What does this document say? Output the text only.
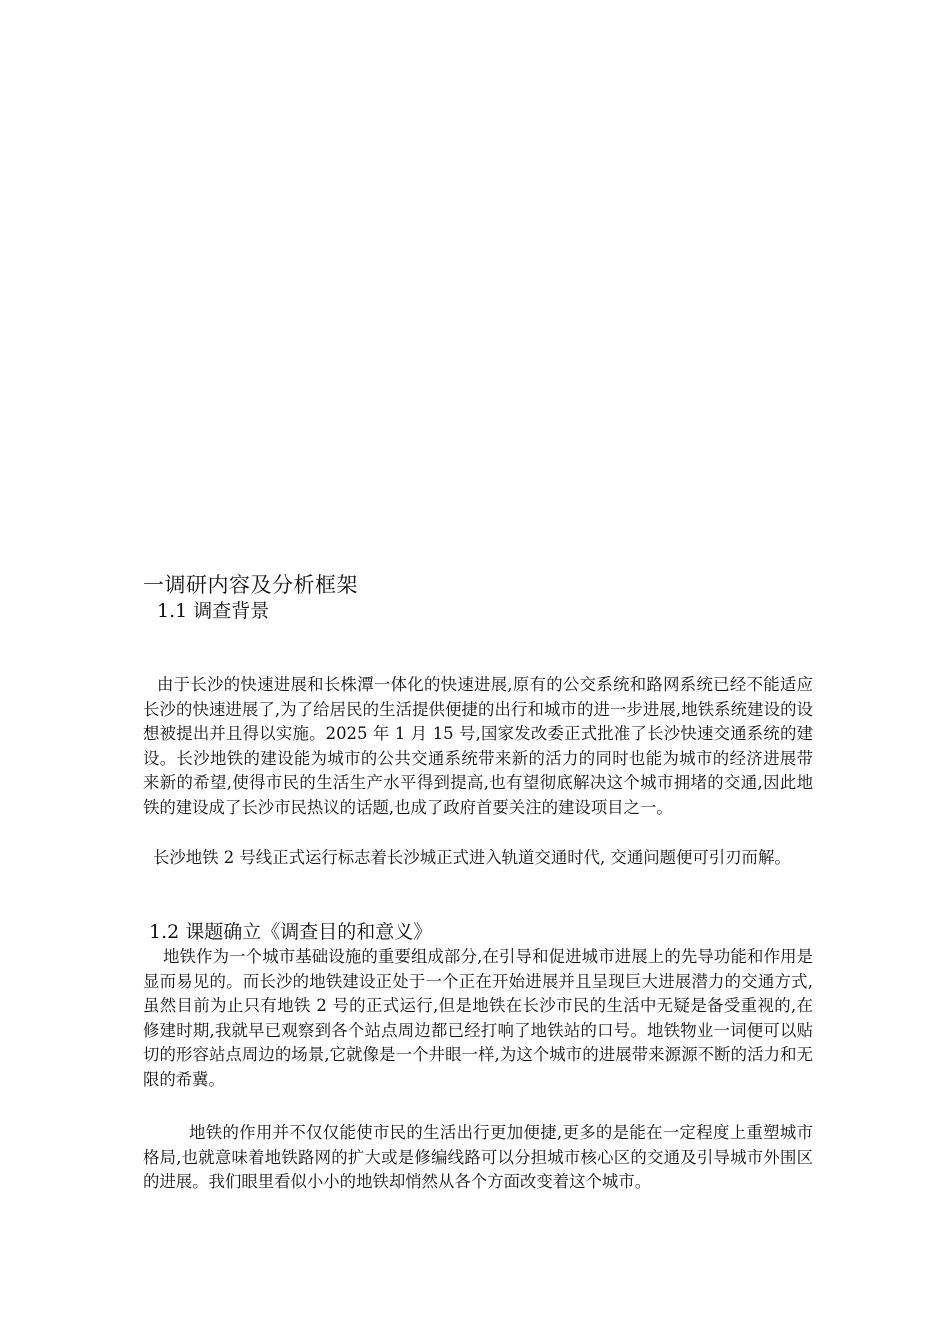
一调研内容及分析框架
1.1 调查背景
由于长沙的快速进展和长株潭一体化的快速进展,原有的公交系统和路网系统已经不能适应长沙的快速进展了,为了给居民的生活提供便捷的出行和城市的进一步进展,地铁系统建设的设想被提出并且得以实施。2025 年 1 月 15 号,国家发改委正式批准了长沙快速交通系统的建设。长沙地铁的建设能为城市的公共交通系统带来新的活力的同时也能为城市的经济进展带来新的希望,使得市民的生活生产水平得到提高,也有望彻底解决这个城市拥堵的交通,因此地铁的建设成了长沙市民热议的话题,也成了政府首要关注的建设项目之一。
长沙地铁 2 号线正式运行标志着长沙城正式进入轨道交通时代, 交通问题便可引刃而解。
1.2 课题确立《调查目的和意义》
地铁作为一个城市基础设施的重要组成部分,在引导和促进城市进展上的先导功能和作用是显而易见的。而长沙的地铁建设正处于一个正在开始进展并且呈现巨大进展潜力的交通方式,虽然目前为止只有地铁 2 号的正式运行,但是地铁在长沙市民的生活中无疑是备受重视的,在修建时期,我就早已观察到各个站点周边都已经打响了地铁站的口号。地铁物业一词便可以贴切的形容站点周边的场景,它就像是一个井眼一样,为这个城市的进展带来源源不断的活力和无限的希冀。
地铁的作用并不仅仅能使市民的生活出行更加便捷,更多的是能在一定程度上重塑城市格局,也就意味着地铁路网的扩大或是修编线路可以分担城市核心区的交通及引导城市外围区的进展。我们眼里看似小小的地铁却悄然从各个方面改变着这个城市。
